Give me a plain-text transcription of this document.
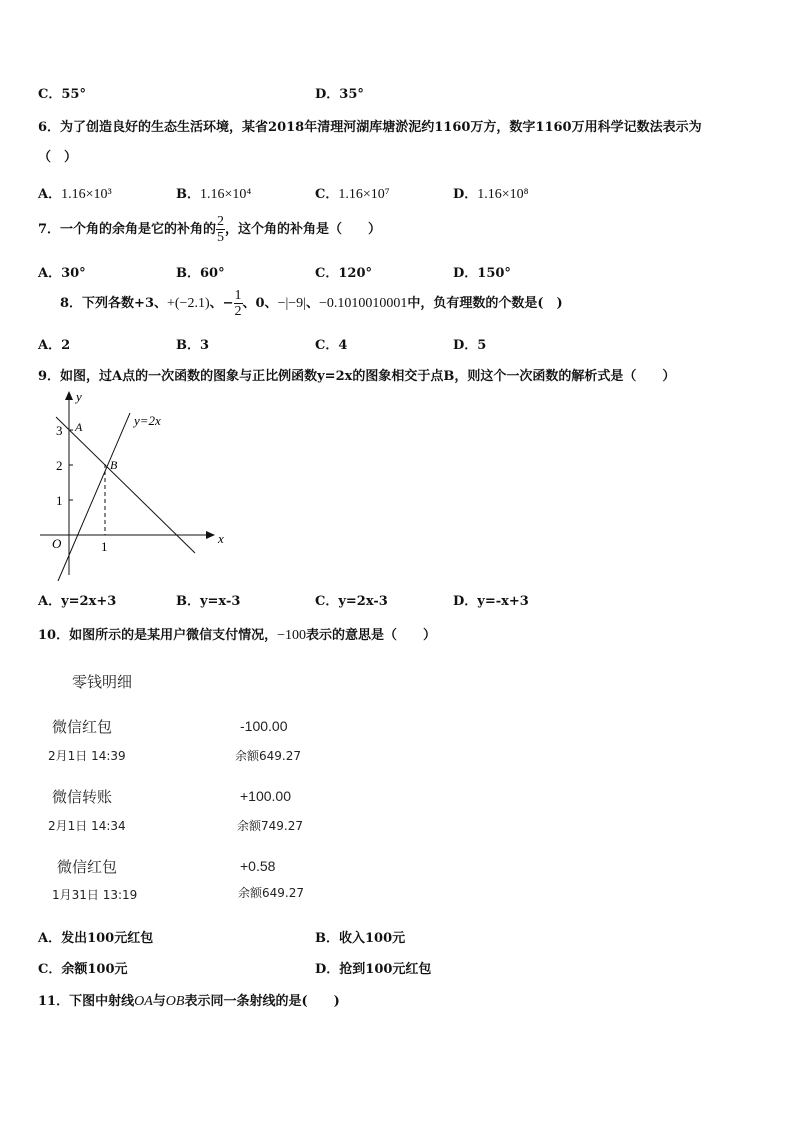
C．55°	D．35°
6．为了创造良好的生态生活环境，某省2018年清理河湖库塘淤泥约1160万方，数字1160万用科学记数法表示为
（　）
A．1.16×10³	B．1.16×10⁴	C．1.16×10⁷	D．1.16×10⁸
7．一个角的余角是它的补角的 $\frac{2}{5}$ ，这个角的补角是（　　）
A．30°	B．60°	C．120°	D．150°
8．下列各数+3、+(−2.1)、− $\frac{1}{2}$ 、0、−|−9|、−0.1010010001中，负有理数的个数是(　)
A．2	B．3	C．4	D．5
9．如图，过A点的一次函数的图象与正比例函数y=2x的图象相交于点B，则这个一次函数的解析式是（　　）
y
x
O
y=2x
A
B
3
2
1
1
A．y=2x+3	B．y=x-3	C．y=2x-3	D．y=-x+3
10．如图所示的是某用户微信支付情况，−100表示的意思是（　　）
零钱明细
微信红包	-100.00
2月1日 14:39	余额649.27
微信转账	+100.00
2月1日 14:34	余额749.27
微信红包	+0.58
1月31日 13:19	余额649.27
A．发出100元红包	B．收入100元
C．余额100元	D．抢到100元红包
11．下图中射线OA与OB表示同一条射线的是(　　)
